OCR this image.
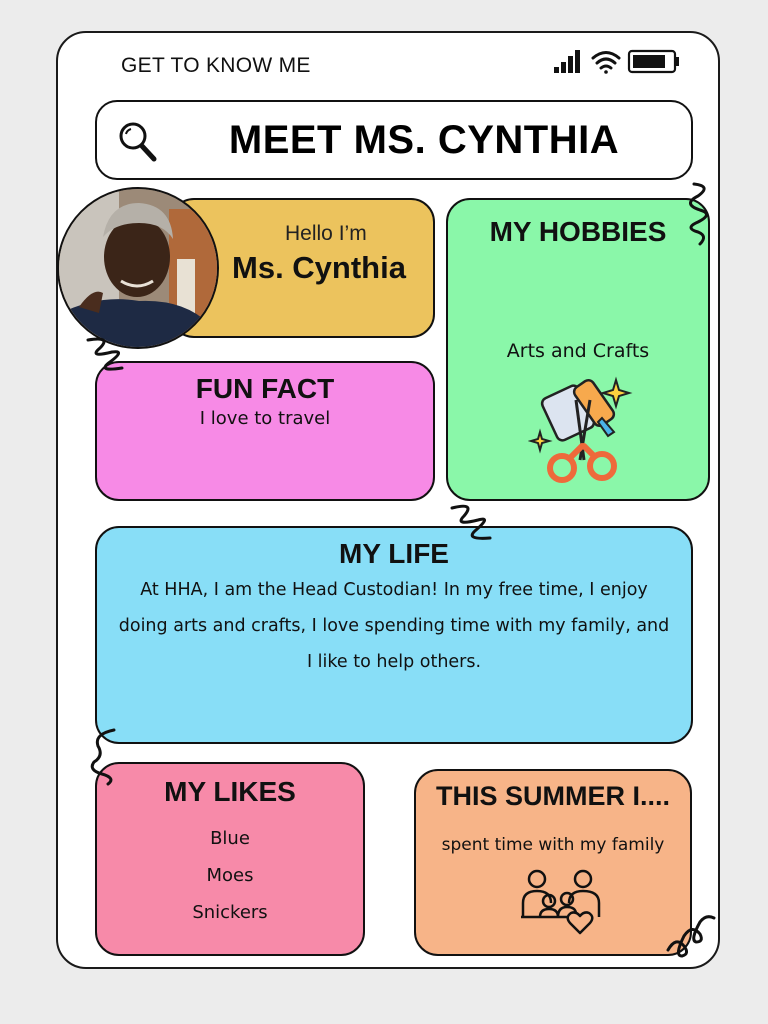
GET TO KNOW ME
MEET MS. CYNTHIA
Hello I’m
Ms. Cynthia
MY HOBBIES
Arts and Crafts
FUN FACT
I love to travel
MY LIFE
At HHA, I am the Head Custodian! In my free time, I enjoy doing arts and crafts, I love spending time with my family, and I like to help others.
MY LIKES
Blue
Moes
Snickers
THIS SUMMER I....
spent time with my family
